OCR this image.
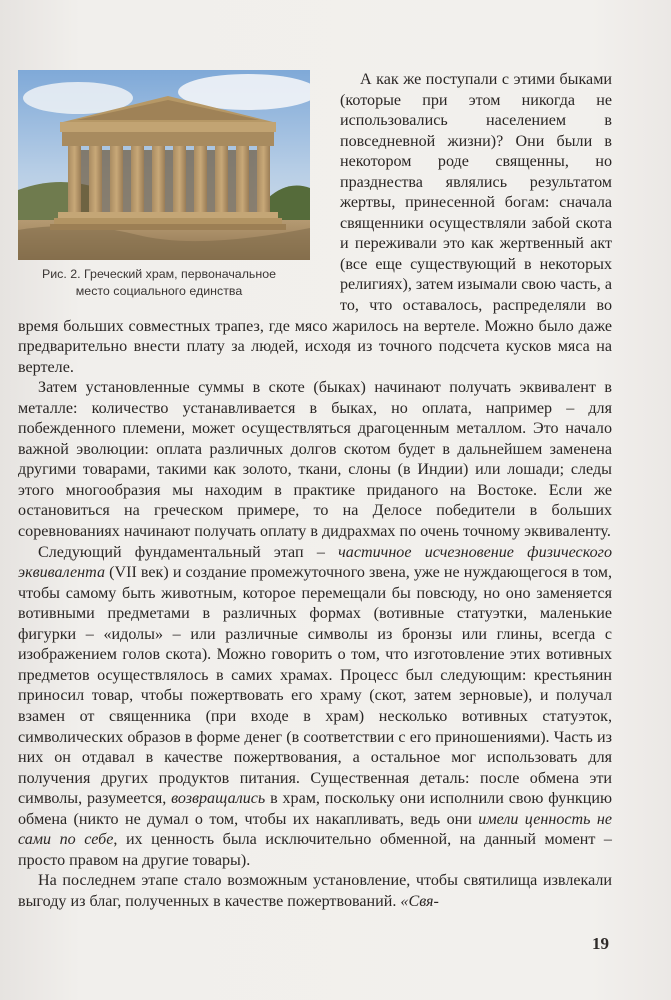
Рис. 2. Греческий храм, первоначальное место социального единства

А как же поступали с этими быками (которые при этом никогда не использовались населением в повседневной жизни)? Они были в некотором роде священны, но празднества являлись результатом жертвы, принесенной богам: сначала священники осуществляли забой скота и переживали это как жертвенный акт (все еще существующий в некоторых религиях), затем изымали свою часть, а то, что оставалось, распределяли во время больших совместных трапез, где мясо жарилось на вертеле. Можно было даже предварительно внести плату за людей, исходя из точного подсчета кусков мяса на вертеле.

Затем установленные суммы в скоте (быках) начинают получать эквивалент в металле: количество устанавливается в быках, но оплата, например – для побежденного племени, может осуществляться драгоценным металлом. Это начало важной эволюции: оплата различных долгов скотом будет в дальнейшем заменена другими товарами, такими как золото, ткани, слоны (в Индии) или лошади; следы этого многообразия мы находим в практике приданого на Востоке. Если же остановиться на греческом примере, то на Делосе победители в больших соревнованиях начинают получать оплату в дидрахмах по очень точному эквиваленту.

Следующий фундаментальный этап – частичное исчезновение физического эквивалента (VII век) и создание промежуточного звена, уже не нуждающегося в том, чтобы самому быть животным, которое перемещали бы повсюду, но оно заменяется вотивными предметами в различных формах (вотивные статуэтки, маленькие фигурки – «идолы» – или различные символы из бронзы или глины, всегда с изображением голов скота). Можно говорить о том, что изготовление этих вотивных предметов осуществлялось в самих храмах. Процесс был следующим: крестьянин приносил товар, чтобы пожертвовать его храму (скот, затем зерновые), и получал взамен от священника (при входе в храм) несколько вотивных статуэток, символических образов в форме денег (в соответствии с его приношениями). Часть из них он отдавал в качестве пожертвования, а остальное мог использовать для получения других продуктов питания. Существенная деталь: после обмена эти символы, разумеется, возвращались в храм, поскольку они исполнили свою функцию обмена (никто не думал о том, чтобы их накапливать, ведь они имели ценность не сами по себе, их ценность была исключительно обменной, на данный момент – просто правом на другие товары).

На последнем этапе стало возможным установление, чтобы святилища извлекали выгоду из благ, полученных в качестве пожертвований. «Свя-

19
